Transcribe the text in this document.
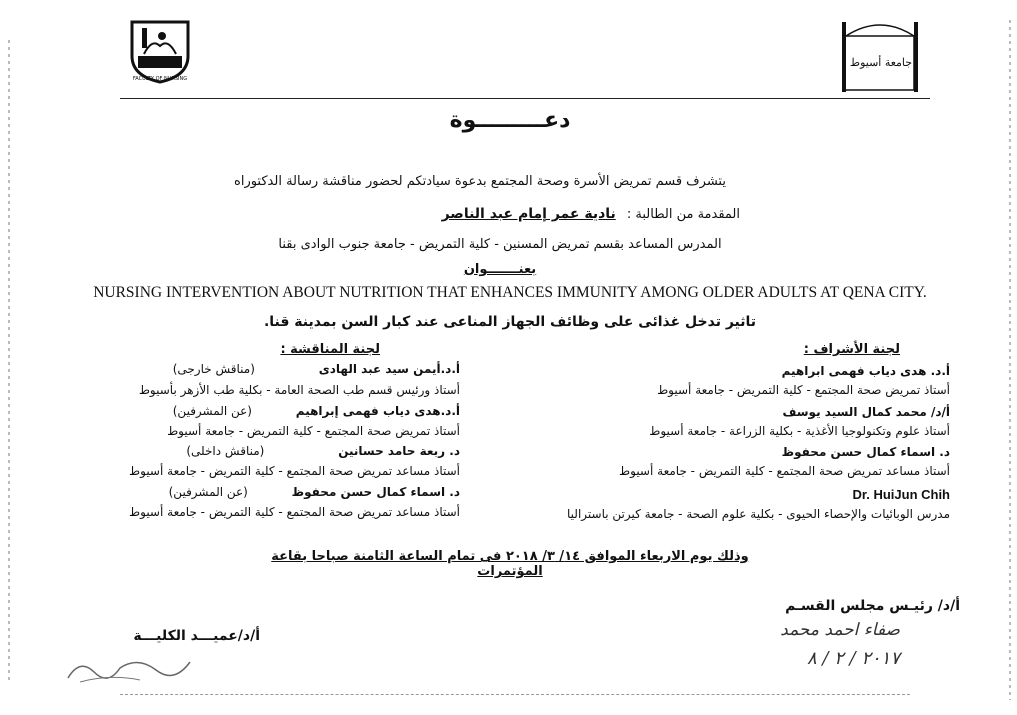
FACULTY OF NURSING
جامعة أسيوط
دعـــــــــوة
يتشرف قسم تمريض الأسرة وصحة المجتمع بدعوة سيادتكم لحضور مناقشة رسالة الدكتوراه
المقدمة من الطالبة : نادية عمر إمام عبد الناصر
المدرس المساعد بقسم تمريض المسنين - كلية التمريض - جامعة جنوب الوادى بقنا
بعنـــــــوان
NURSING INTERVENTION ABOUT NUTRITION THAT ENHANCES IMMUNITY AMONG OLDER ADULTS AT QENA CITY.
تاثير تدخل غذائى على وظائف الجهاز المناعى عند كبار السن بمدينة قنا.
لجنة الأشراف :
أ.د. هدى دياب فهمى ابراهيم
أستاذ تمريض صحة المجتمع - كلية التمريض - جامعة أسيوط
أ/د/ محمد كمال السيد يوسف
أستاذ علوم وتكنولوجيا الأغذية - بكلية الزراعة - جامعة أسيوط
د. اسماء كمال حسن محفوظ
أستاذ مساعد تمريض صحة المجتمع - كلية التمريض - جامعة أسيوط
Dr. HuiJun Chih
مدرس الوبائيات والإحصاء الحيوى - بكلية علوم الصحة - جامعة كيرتن باستراليا
لجنة المناقشة :
أ.د.أيمن سيد عبد الهادى (مناقش خارجى)
أستاذ ورئيس قسم طب الصحة العامة - بكلية طب الأزهر بأسيوط
أ.د.هدى دياب فهمى إبراهيم (عن المشرفين)
أستاذ تمريض صحة المجتمع - كلية التمريض - جامعة أسيوط
د. ربعة حامد حسانين (مناقش داخلى)
أستاذ مساعد تمريض صحة المجتمع - كلية التمريض - جامعة أسيوط
د. اسماء كمال حسن محفوظ (عن المشرفين)
أستاذ مساعد تمريض صحة المجتمع - كلية التمريض - جامعة أسيوط
وذلك يوم الاربعاء الموافق ١٤/ ٣/ ٢٠١٨ فى تمام الساعة الثامنة صباحا بقاعة المؤتمرات
أ/د/ رئيـس مجلس القسـم
صفاء احمد محمد
٢٠١٧ / ٢ / ٨
أ/د/عميـــد الكليـــة
